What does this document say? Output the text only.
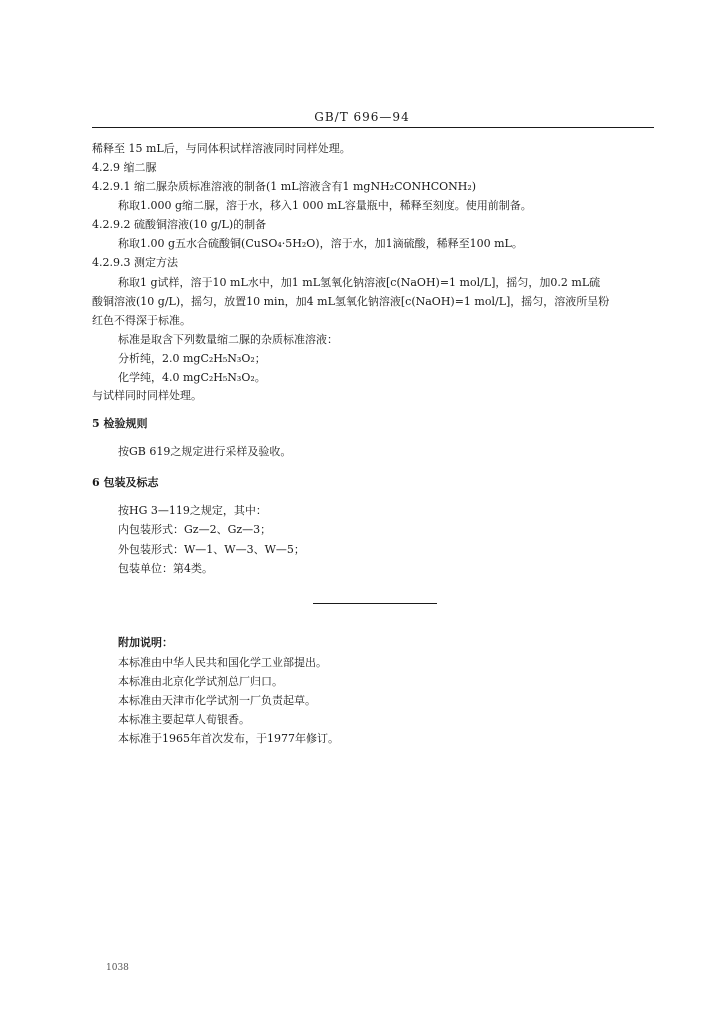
GB/T 696—94
稀释至 15 mL后，与同体积试样溶液同时同样处理。
4.2.9 缩二脲
4.2.9.1 缩二脲杂质标准溶液的制备(1 mL溶液含有1 mgNH₂CONHCONH₂)
称取1.000 g缩二脲，溶于水，移入1 000 mL容量瓶中，稀释至刻度。使用前制备。
4.2.9.2 硫酸铜溶液(10 g/L)的制备
称取1.00 g五水合硫酸铜(CuSO₄·5H₂O)，溶于水，加1滴硫酸，稀释至100 mL。
4.2.9.3 测定方法
称取1 g试样，溶于10 mL水中，加1 mL氢氧化钠溶液[c(NaOH)=1 mol/L]，摇匀，加0.2 mL硫
酸铜溶液(10 g/L)，摇匀，放置10 min，加4 mL氢氧化钠溶液[c(NaOH)=1 mol/L]，摇匀，溶液所呈粉
红色不得深于标准。
标准是取含下列数量缩二脲的杂质标准溶液：
分析纯，2.0 mgC₂H₅N₃O₂；
化学纯，4.0 mgC₂H₅N₃O₂。
与试样同时同样处理。
5 检验规则
按GB 619之规定进行采样及验收。
6 包装及标志
按HG 3—119之规定，其中：
内包装形式：Gz—2、Gz—3；
外包装形式：W—1、W—3、W—5；
包装单位：第4类。
附加说明：
本标准由中华人民共和国化学工业部提出。
本标准由北京化学试剂总厂归口。
本标准由天津市化学试剂一厂负责起草。
本标准主要起草人荀银香。
本标准于1965年首次发布，于1977年修订。
1038
